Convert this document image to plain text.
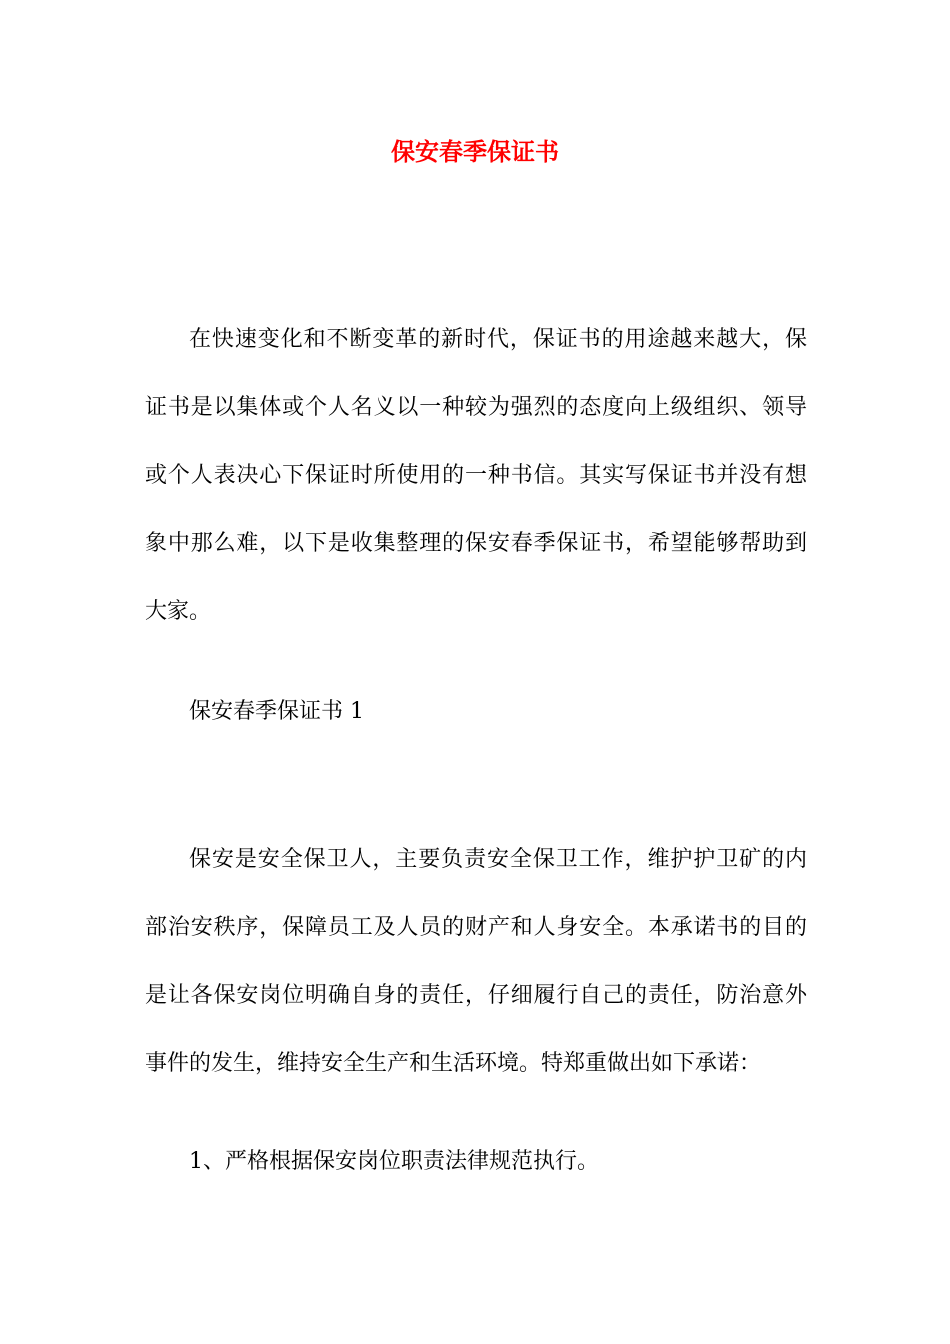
保安春季保证书
在快速变化和不断变革的新时代，保证书的用途越来越大，保
证书是以集体或个人名义以一种较为强烈的态度向上级组织、领导
或个人表决心下保证时所使用的一种书信。其实写保证书并没有想
象中那么难，以下是收集整理的保安春季保证书，希望能够帮助到
大家。

保安春季保证书 1

保安是安全保卫人，主要负责安全保卫工作，维护护卫矿的内
部治安秩序，保障员工及人员的财产和人身安全。本承诺书的目的
是让各保安岗位明确自身的责任，仔细履行自己的责任，防治意外
事件的发生，维持安全生产和生活环境。特郑重做出如下承诺：

1、严格根据保安岗位职责法律规范执行。
